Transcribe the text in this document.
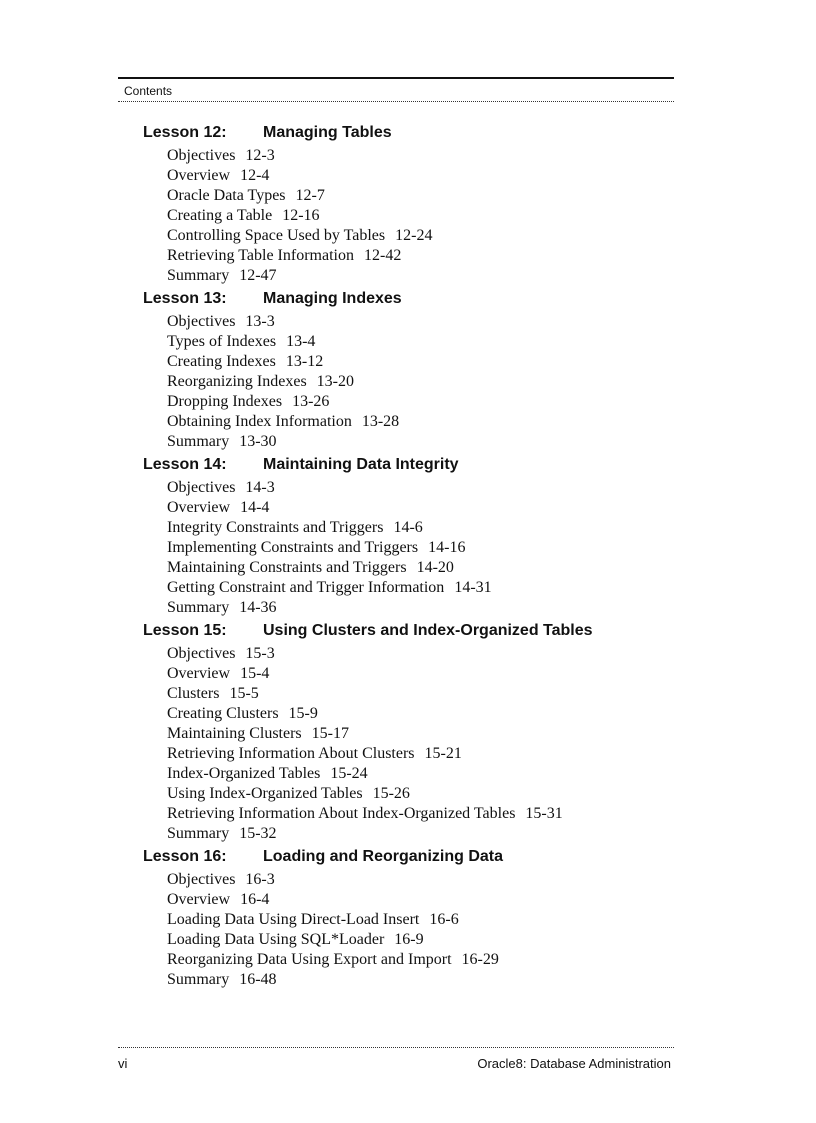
Contents
Lesson 12: Managing Tables
Objectives 12-3
Overview 12-4
Oracle Data Types 12-7
Creating a Table 12-16
Controlling Space Used by Tables 12-24
Retrieving Table Information 12-42
Summary 12-47
Lesson 13: Managing Indexes
Objectives 13-3
Types of Indexes 13-4
Creating Indexes 13-12
Reorganizing Indexes 13-20
Dropping Indexes 13-26
Obtaining Index Information 13-28
Summary 13-30
Lesson 14: Maintaining Data Integrity
Objectives 14-3
Overview 14-4
Integrity Constraints and Triggers 14-6
Implementing Constraints and Triggers 14-16
Maintaining Constraints and Triggers 14-20
Getting Constraint and Trigger Information 14-31
Summary 14-36
Lesson 15: Using Clusters and Index-Organized Tables
Objectives 15-3
Overview 15-4
Clusters 15-5
Creating Clusters 15-9
Maintaining Clusters 15-17
Retrieving Information About Clusters 15-21
Index-Organized Tables 15-24
Using Index-Organized Tables 15-26
Retrieving Information About Index-Organized Tables 15-31
Summary 15-32
Lesson 16: Loading and Reorganizing Data
Objectives 16-3
Overview 16-4
Loading Data Using Direct-Load Insert 16-6
Loading Data Using SQL*Loader 16-9
Reorganizing Data Using Export and Import 16-29
Summary 16-48
vi	Oracle8: Database Administration
